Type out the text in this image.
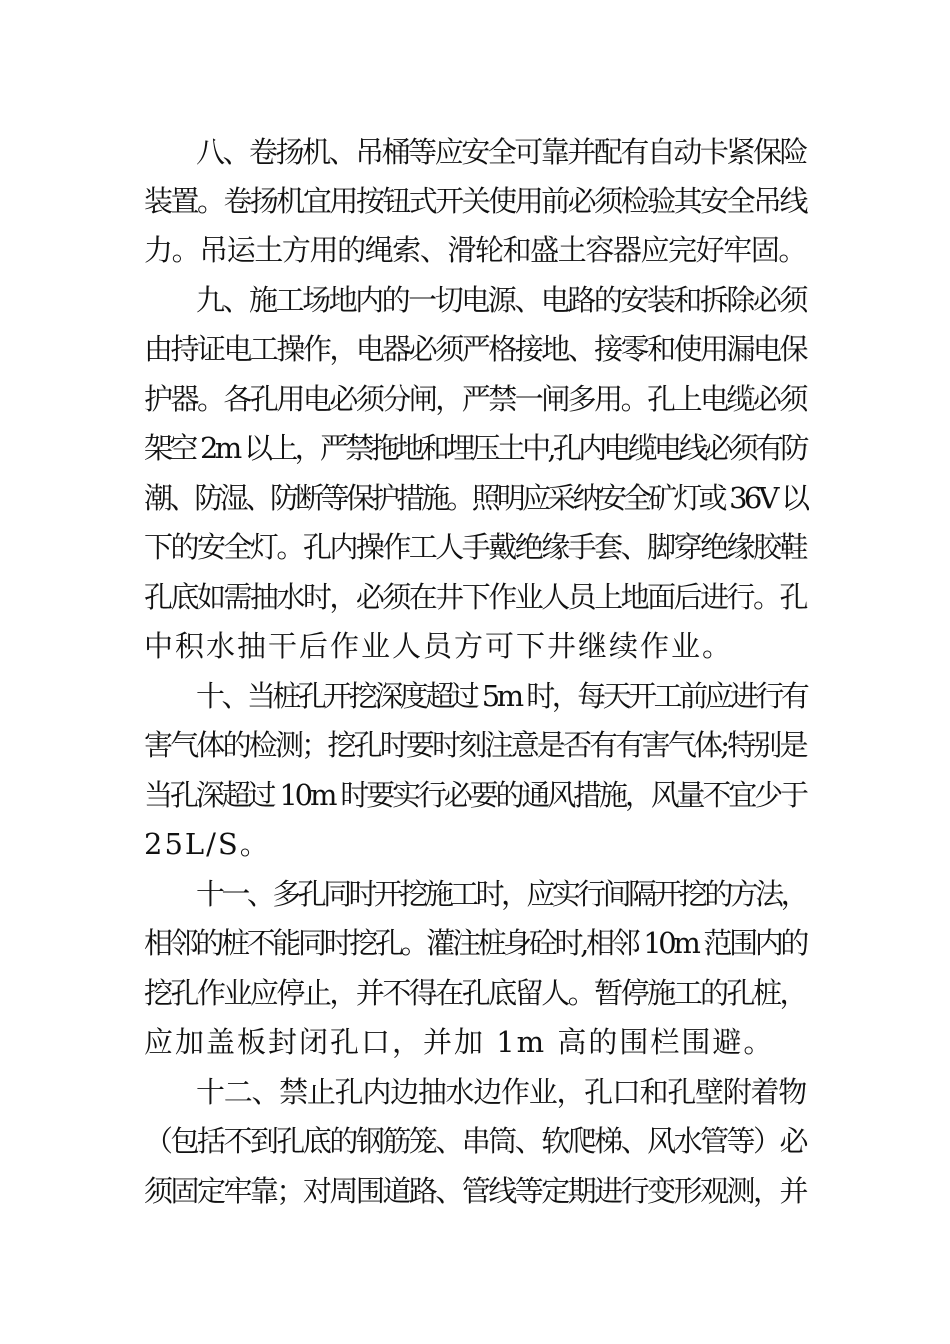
八、卷扬机、吊桶等应安全可靠并配有自动卡紧保险
装置。卷扬机宜用按钮式开关使用前必须检验其安全吊线
力。吊运土方用的绳索、滑轮和盛土容器应完好牢固。
九、施工场地内的一切电源、电路的安装和拆除必须
由持证电工操作，电器必须严格接地、接零和使用漏电保
护器。各孔用电必须分闸，严禁一闸多用。孔上电缆必须
架空 2m 以上，严禁拖地和埋压土中,孔内电缆电线必须有防
潮、防湿、防断等保护措施。照明应采纳安全矿灯或 36V 以
下的安全灯。孔内操作工人手戴绝缘手套、脚穿绝缘胶鞋
孔底如需抽水时，必须在井下作业人员上地面后进行。孔
中积水抽干后作业人员方可下井继续作业。
十、当桩孔开挖深度超过 5m 时，每天开工前应进行有
害气体的检测；挖孔时要时刻注意是否有有害气体;特别是
当孔深超过 10m 时要实行必要的通风措施，风量不宜少于
25L/S。
十一、多孔同时开挖施工时，应实行间隔开挖的方法，
相邻的桩不能同时挖孔。灌注桩身砼时,相邻 10m 范围内的
挖孔作业应停止，并不得在孔底留人。暂停施工的孔桩，
应加盖板封闭孔口，并加 1m 高的围栏围避。
十二、禁止孔内边抽水边作业，孔口和孔壁附着物
（包括不到孔底的钢筋笼、串筒、软爬梯、风水管等）必
须固定牢靠；对周围道路、管线等定期进行变形观测，并
